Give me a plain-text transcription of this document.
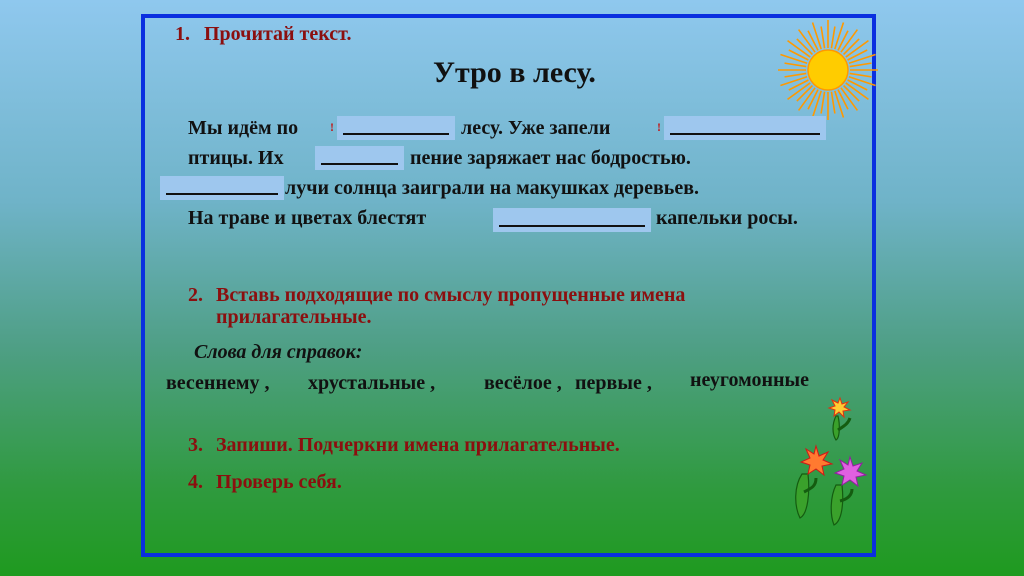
1. Прочитай текст.
Утро в лесу.
Мы идём по	!	лесу. Уже запели	!
птицы. Их	пение заряжает нас бодростью.
лучи солнца заиграли на макушках деревьев.
На траве и цветах блестят	капельки росы.
2. Вставь подходящие по смыслу пропущенные имена
прилагательные.
Слова для справок:
весеннему , хрустальные , весёлое , первые , неугомонные
3. Запиши. Подчеркни имена прилагательные.
4. Проверь себя.
